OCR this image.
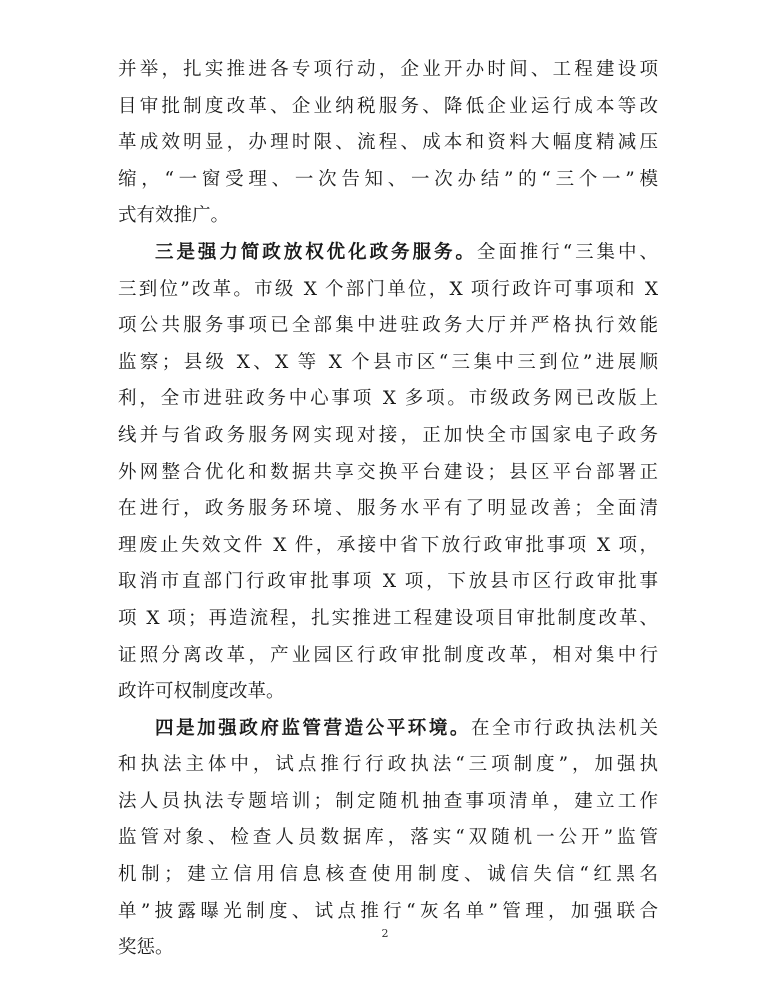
并举，扎实推进各专项行动，企业开办时间、工程建设项
目审批制度改革、企业纳税服务、降低企业运行成本等改
革成效明显，办理时限、流程、成本和资料大幅度精减压
缩，“一窗受理、一次告知、一次办结”的“三个一”模
式有效推广。
三是强力简政放权优化政务服务。全面推行“三集中、
三到位”改革。市级 X 个部门单位，X 项行政许可事项和 X
项公共服务事项已全部集中进驻政务大厅并严格执行效能
监察；县级 X、X 等 X 个县市区“三集中三到位”进展顺
利，全市进驻政务中心事项 X 多项。市级政务网已改版上
线并与省政务服务网实现对接，正加快全市国家电子政务
外网整合优化和数据共享交换平台建设；县区平台部署正
在进行，政务服务环境、服务水平有了明显改善；全面清
理废止失效文件 X 件，承接中省下放行政审批事项 X 项，
取消市直部门行政审批事项 X 项，下放县市区行政审批事
项 X 项；再造流程，扎实推进工程建设项目审批制度改革、
证照分离改革，产业园区行政审批制度改革，相对集中行
政许可权制度改革。
四是加强政府监管营造公平环境。在全市行政执法机关
和执法主体中，试点推行行政执法“三项制度”，加强执
法人员执法专题培训；制定随机抽查事项清单，建立工作
监管对象、检查人员数据库，落实“双随机一公开”监管
机制；建立信用信息核查使用制度、诚信失信“红黑名
单”披露曝光制度、试点推行“灰名单”管理，加强联合
奖惩。
2
